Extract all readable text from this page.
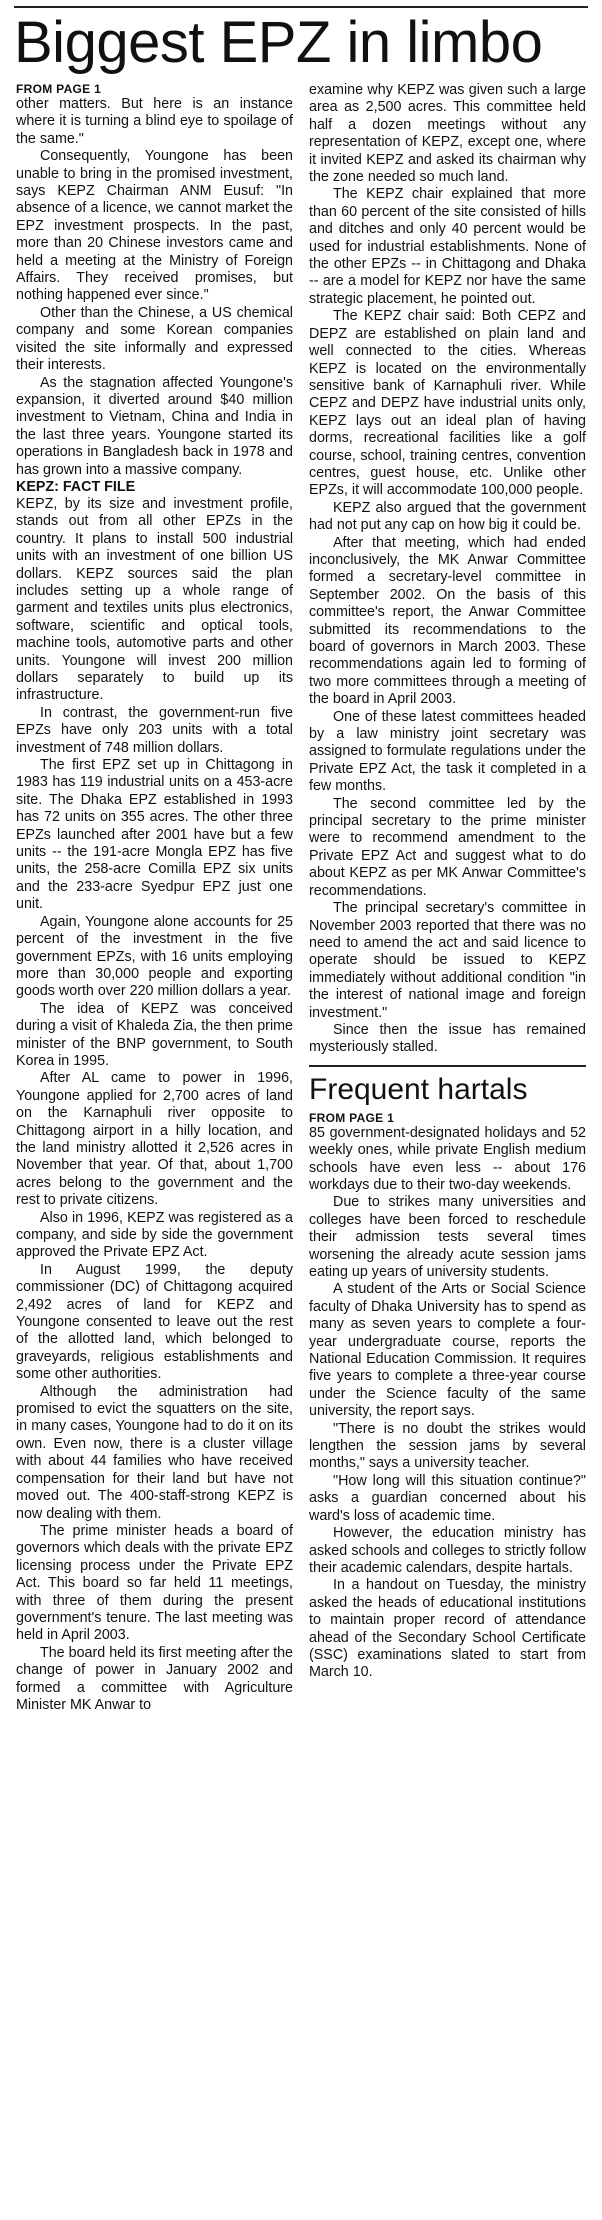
Biggest EPZ in limbo
FROM PAGE 1

other matters. But here is an instance where it is turning a blind eye to spoilage of the same."

Consequently, Youngone has been unable to bring in the promised investment, says KEPZ Chairman ANM Eusuf: "In absence of a licence, we cannot market the EPZ investment prospects. In the past, more than 20 Chinese investors came and held a meeting at the Ministry of Foreign Affairs. They received promises, but nothing happened ever since."

Other than the Chinese, a US chemical company and some Korean companies visited the site informally and expressed their interests.

As the stagnation affected Youngone's expansion, it diverted around $40 million investment to Vietnam, China and India in the last three years. Youngone started its operations in Bangladesh back in 1978 and has grown into a massive company.

KEPZ: FACT FILE

KEPZ, by its size and investment profile, stands out from all other EPZs in the country. It plans to install 500 industrial units with an investment of one billion US dollars. KEPZ sources said the plan includes setting up a whole range of garment and textiles units plus electronics, software, scientific and optical tools, machine tools, automotive parts and other units. Youngone will invest 200 million dollars separately to build up its infrastructure.

In contrast, the government-run five EPZs have only 203 units with a total investment of 748 million dollars.

The first EPZ set up in Chittagong in 1983 has 119 industrial units on a 453-acre site. The Dhaka EPZ established in 1993 has 72 units on 355 acres. The other three EPZs launched after 2001 have but a few units -- the 191-acre Mongla EPZ has five units, the 258-acre Comilla EPZ six units and the 233-acre Syedpur EPZ just one unit.

Again, Youngone alone accounts for 25 percent of the investment in the five government EPZs, with 16 units employing more than 30,000 people and exporting goods worth over 220 million dollars a year.

The idea of KEPZ was conceived during a visit of Khaleda Zia, the then prime minister of the BNP government, to South Korea in 1995.

After AL came to power in 1996, Youngone applied for 2,700 acres of land on the Karnaphuli river opposite to Chittagong airport in a hilly location, and the land ministry allotted it 2,526 acres in November that year. Of that, about 1,700 acres belong to the government and the rest to private citizens.

Also in 1996, KEPZ was registered as a company, and side by side the government approved the Private EPZ Act.

In August 1999, the deputy commissioner (DC) of Chittagong acquired 2,492 acres of land for KEPZ and Youngone consented to leave out the rest of the allotted land, which belonged to graveyards, religious establishments and some other authorities.

Although the administration had promised to evict the squatters on the site, in many cases, Youngone had to do it on its own. Even now, there is a cluster village with about 44 families who have received compensation for their land but have not moved out. The 400-staff-strong KEPZ is now dealing with them.

The prime minister heads a board of governors which deals with the private EPZ licensing process under the Private EPZ Act. This board so far held 11 meetings, with three of them during the present government's tenure. The last meeting was held in April 2003.

The board held its first meeting after the change of power in January 2002 and formed a committee with Agriculture Minister MK Anwar to

examine why KEPZ was given such a large area as 2,500 acres. This committee held half a dozen meetings without any representation of KEPZ, except one, where it invited KEPZ and asked its chairman why the zone needed so much land.

The KEPZ chair explained that more than 60 percent of the site consisted of hills and ditches and only 40 percent would be used for industrial establishments. None of the other EPZs -- in Chittagong and Dhaka -- are a model for KEPZ nor have the same strategic placement, he pointed out.

The KEPZ chair said: Both CEPZ and DEPZ are established on plain land and well connected to the cities. Whereas KEPZ is located on the environmentally sensitive bank of Karnaphuli river. While CEPZ and DEPZ have industrial units only, KEPZ lays out an ideal plan of having dorms, recreational facilities like a golf course, school, training centres, convention centres, guest house, etc. Unlike other EPZs, it will accommodate 100,000 people.

KEPZ also argued that the government had not put any cap on how big it could be.

After that meeting, which had ended inconclusively, the MK Anwar Committee formed a secretary-level committee in September 2002. On the basis of this committee's report, the Anwar Committee submitted its recommendations to the board of governors in March 2003. These recommendations again led to forming of two more committees through a meeting of the board in April 2003.

One of these latest committees headed by a law ministry joint secretary was assigned to formulate regulations under the Private EPZ Act, the task it completed in a few months.

The second committee led by the principal secretary to the prime minister were to recommend amendment to the Private EPZ Act and suggest what to do about KEPZ as per MK Anwar Committee's recommendations.

The principal secretary's committee in November 2003 reported that there was no need to amend the act and said licence to operate should be issued to KEPZ immediately without additional condition "in the interest of national image and foreign investment."

Since then the issue has remained mysteriously stalled.

Frequent hartals
FROM PAGE 1

85 government-designated holidays and 52 weekly ones, while private English medium schools have even less -- about 176 workdays due to their two-day weekends.

Due to strikes many universities and colleges have been forced to reschedule their admission tests several times worsening the already acute session jams eating up years of university students.

A student of the Arts or Social Science faculty of Dhaka University has to spend as many as seven years to complete a four-year undergraduate course, reports the National Education Commission. It requires five years to complete a three-year course under the Science faculty of the same university, the report says.

"There is no doubt the strikes would lengthen the session jams by several months," says a university teacher.

"How long will this situation continue?" asks a guardian concerned about his ward's loss of academic time.

However, the education ministry has asked schools and colleges to strictly follow their academic calendars, despite hartals.

In a handout on Tuesday, the ministry asked the heads of educational institutions to maintain proper record of attendance ahead of the Secondary School Certificate (SSC) examinations slated to start from March 10.
